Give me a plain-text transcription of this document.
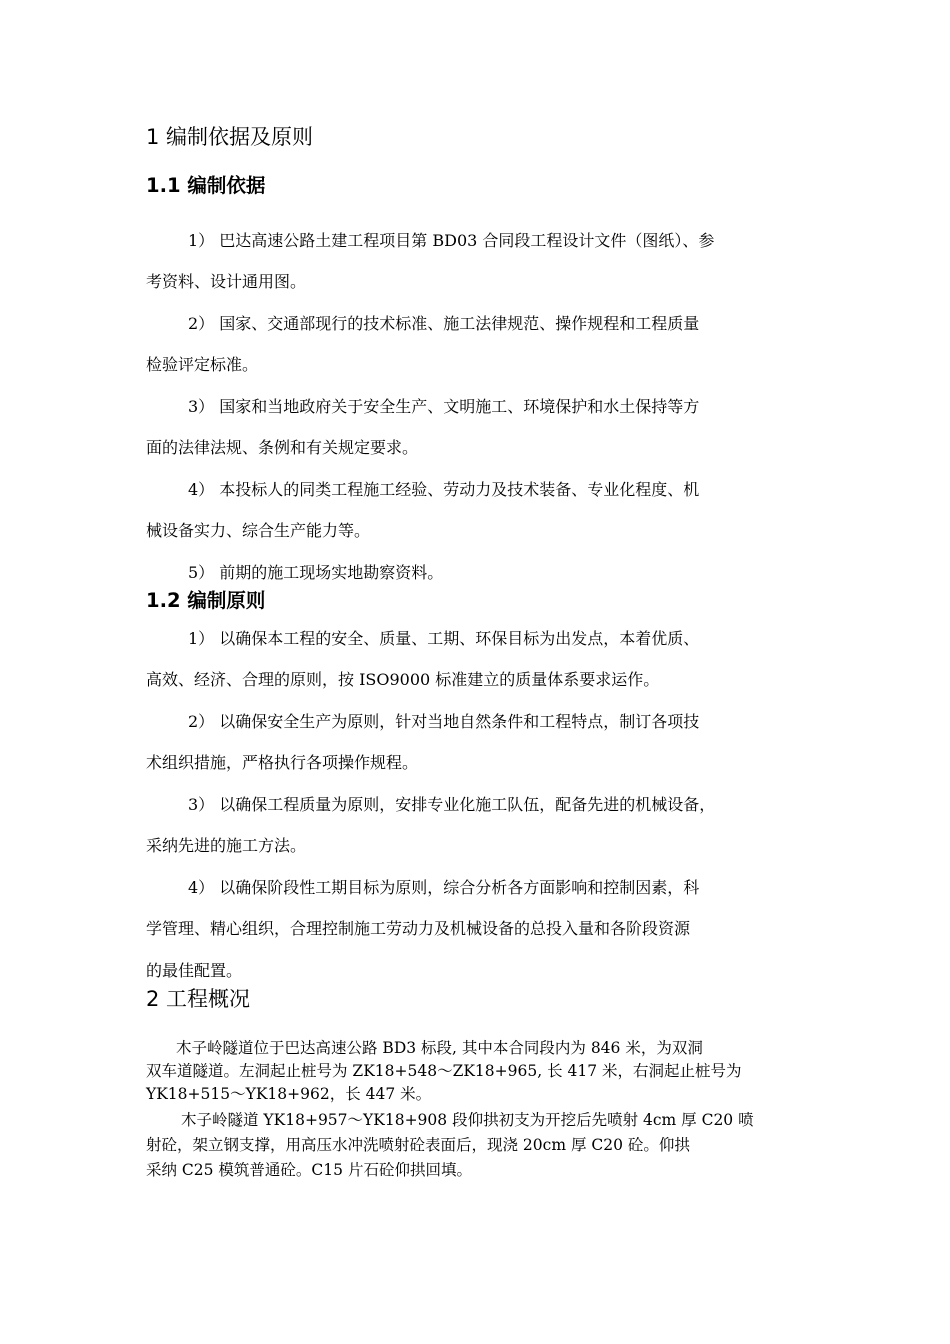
1 编制依据及原则
1.1 编制依据
1） 巴达高速公路土建工程项目第 BD03 合同段工程设计文件（图纸）、参
考资料、设计通用图。
2） 国家、交通部现行的技术标准、施工法律规范、操作规程和工程质量
检验评定标准。
3） 国家和当地政府关于安全生产、文明施工、环境保护和水土保持等方
面的法律法规、条例和有关规定要求。
4） 本投标人的同类工程施工经验、劳动力及技术装备、专业化程度、机
械设备实力、综合生产能力等。
5） 前期的施工现场实地勘察资料。
1.2 编制原则
1） 以确保本工程的安全、质量、工期、环保目标为出发点，本着优质、
高效、经济、合理的原则，按 ISO9000 标准建立的质量体系要求运作。
2） 以确保安全生产为原则，针对当地自然条件和工程特点，制订各项技
术组织措施，严格执行各项操作规程。
3） 以确保工程质量为原则，安排专业化施工队伍，配备先进的机械设备，
采纳先进的施工方法。
4） 以确保阶段性工期目标为原则，综合分析各方面影响和控制因素，科
学管理、精心组织，合理控制施工劳动力及机械设备的总投入量和各阶段资源
的最佳配置。
2 工程概况
木子岭隧道位于巴达高速公路 BD3 标段, 其中本合同段内为 846 米，为双洞
双车道隧道。左洞起止桩号为 ZK18+548～ZK18+965, 长 417 米，右洞起止桩号为
YK18+515～YK18+962，长 447 米。
木子岭隧道 YK18+957～YK18+908 段仰拱初支为开挖后先喷射 4cm 厚 C20 喷
射砼，架立钢支撑，用高压水冲洗喷射砼表面后，现浇 20cm 厚 C20 砼。仰拱
采纳 C25 模筑普通砼。C15 片石砼仰拱回填。
